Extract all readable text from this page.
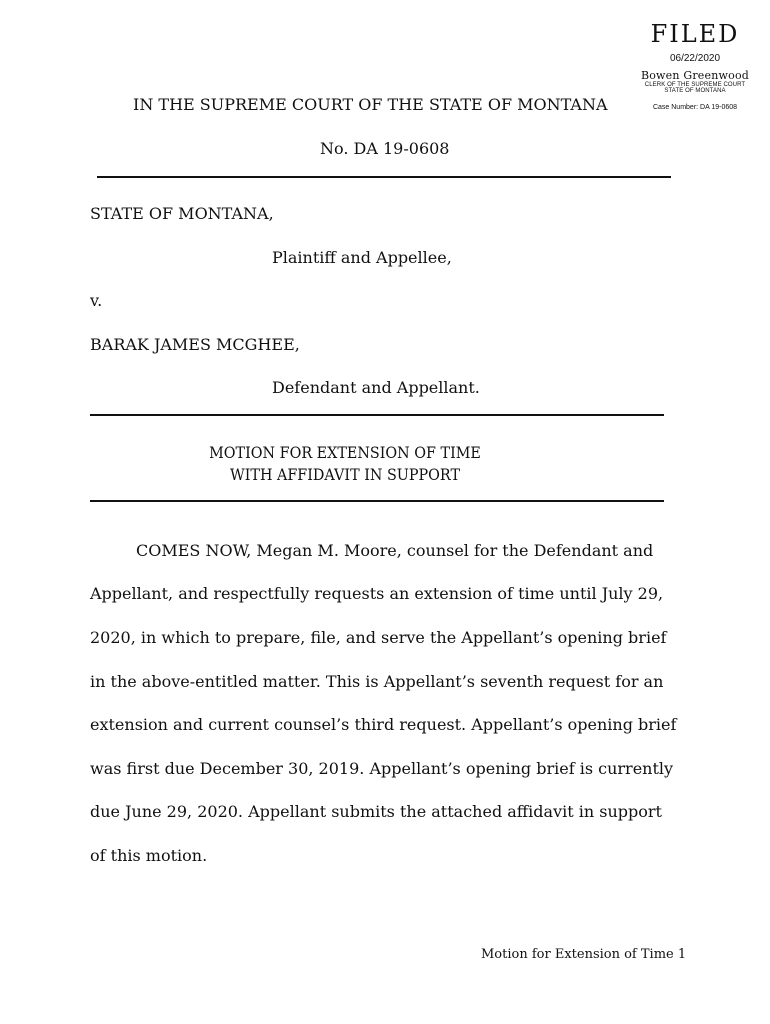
FILED
06/22/2020
Bowen Greenwood
CLERK OF THE SUPREME COURT
STATE OF MONTANA
Case Number: DA 19-0608
IN THE SUPREME COURT OF THE STATE OF MONTANA
No. DA 19-0608
STATE OF MONTANA,
Plaintiff and Appellee,
v.
BARAK JAMES MCGHEE,
Defendant and Appellant.
MOTION FOR EXTENSION OF TIME
WITH AFFIDAVIT IN SUPPORT
COMES NOW, Megan M. Moore, counsel for the Defendant and
Appellant, and respectfully requests an extension of time until July 29,
2020, in which to prepare, file, and serve the Appellant’s opening brief
in the above-entitled matter. This is Appellant’s seventh request for an
extension and current counsel’s third request. Appellant’s opening brief
was first due December 30, 2019. Appellant’s opening brief is currently
due June 29, 2020. Appellant submits the attached affidavit in support
of this motion.
Motion for Extension of Time 1
